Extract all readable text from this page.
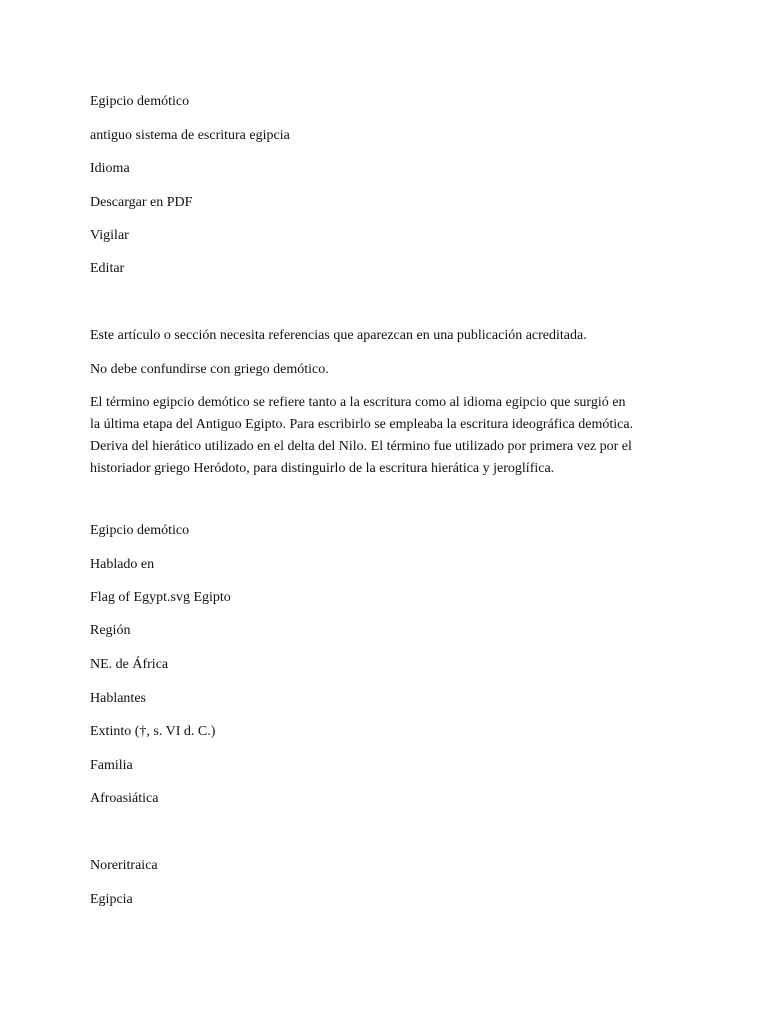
Egipcio demótico
antiguo sistema de escritura egipcia
Idioma
Descargar en PDF
Vigilar
Editar
Este artículo o sección necesita referencias que aparezcan en una publicación acreditada.
No debe confundirse con griego demótico.
El término egipcio demótico se refiere tanto a la escritura como al idioma egipcio que surgió en
la última etapa del Antiguo Egipto. Para escribirlo se empleaba la escritura ideográfica demótica.
Deriva del hierático utilizado en el delta del Nilo. El término fue utilizado por primera vez por el
historiador griego Heródoto, para distinguirlo de la escritura hierática y jeroglífica.
Egipcio demótico
Hablado en
Flag of Egypt.svg Egipto
Región
NE. de África
Hablantes
Extinto (†, s. VI d. C.)
Familia
Afroasiática
Noreritraica
Egipcia
